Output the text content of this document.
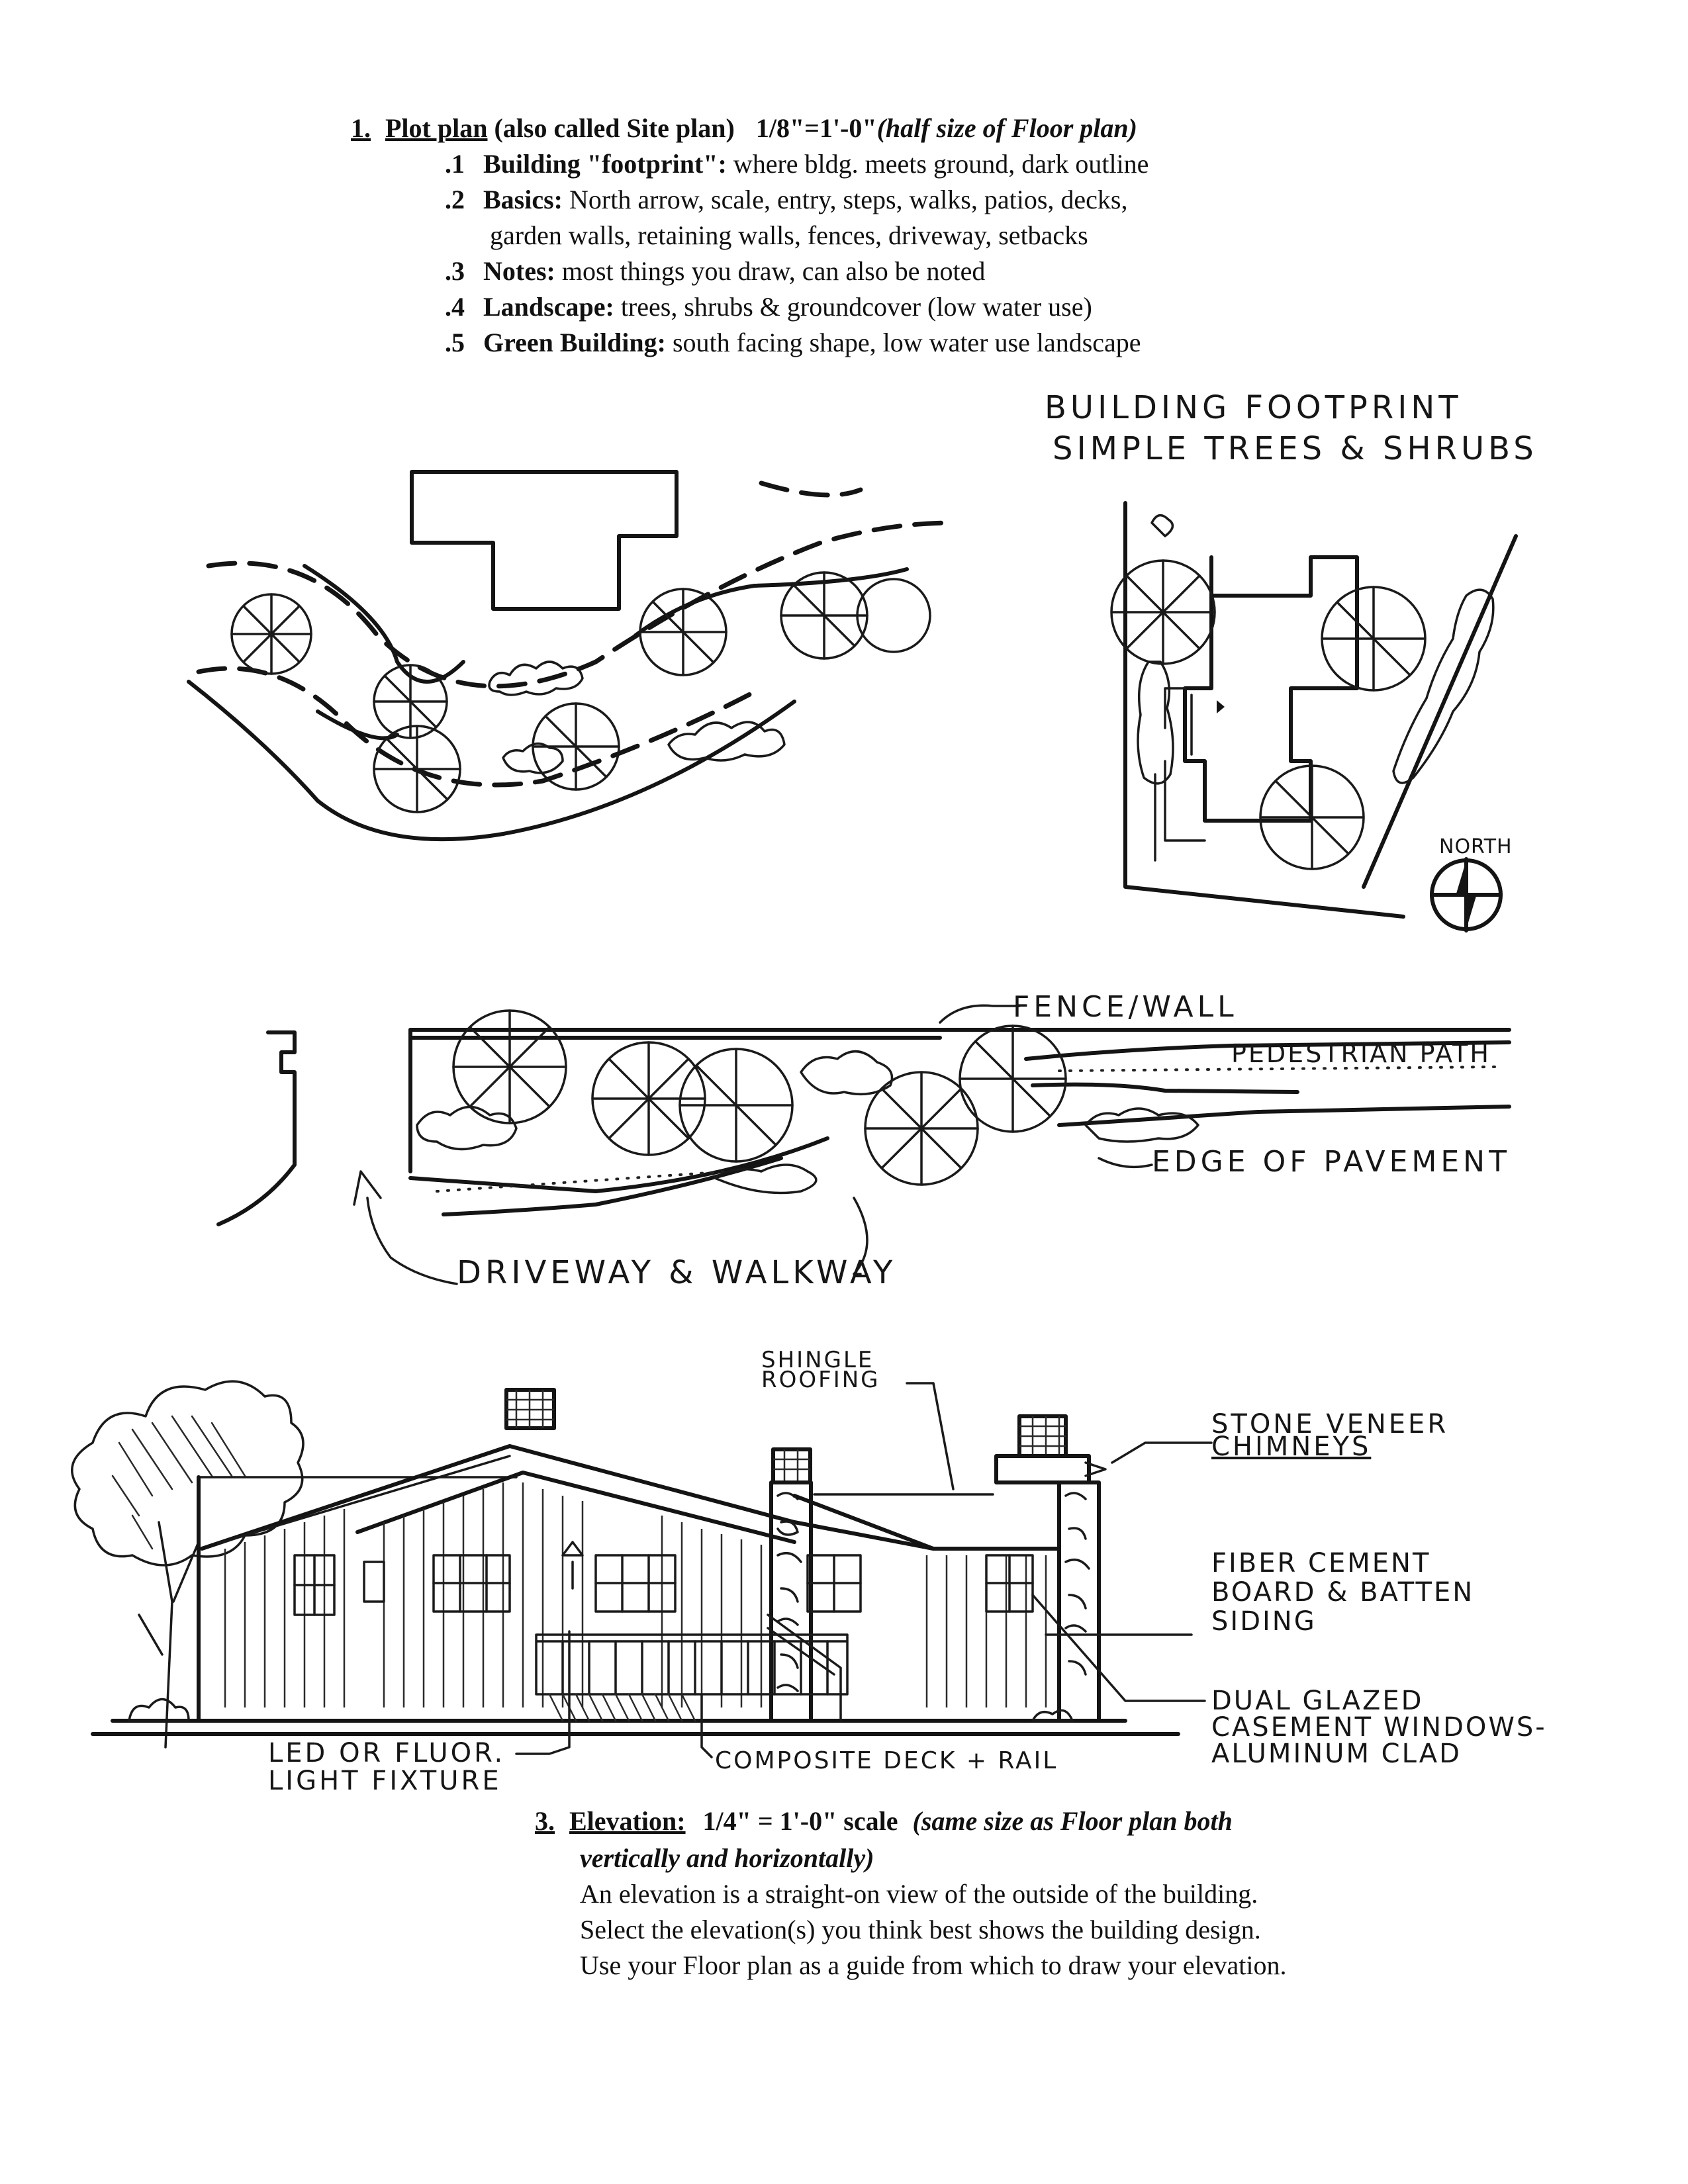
1. Plot plan (also called Site plan) 1/8"=1'-0"(half size of Floor plan)
.1 Building "footprint": where bldg. meets ground, dark outline
.2 Basics: North arrow, scale, entry, steps, walks, patios, decks,
garden walls, retaining walls, fences, driveway, setbacks
.3 Notes: most things you draw, can also be noted
.4 Landscape: trees, shrubs & groundcover (low water use)
.5 Green Building: south facing shape, low water use landscape
BUILDING FOOTPRINT
SIMPLE TREES & SHRUBS
NORTH
FENCE/WALL
PEDESTRIAN PATH
EDGE OF PAVEMENT
DRIVEWAY & WALKWAY
SHINGLE
ROOFING
STONE VENEER
CHIMNEYS
FIBER CEMENT
BOARD & BATTEN
SIDING
DUAL GLAZED
CASEMENT WINDOWS-
ALUMINUM CLAD
LED OR FLUOR.
LIGHT FIXTURE
COMPOSITE DECK + RAIL
3. Elevation: 1/4" = 1'-0" scale (same size as Floor plan both
vertically and horizontally)
An elevation is a straight-on view of the outside of the building.
Select the elevation(s) you think best shows the building design.
Use your Floor plan as a guide from which to draw your elevation.
